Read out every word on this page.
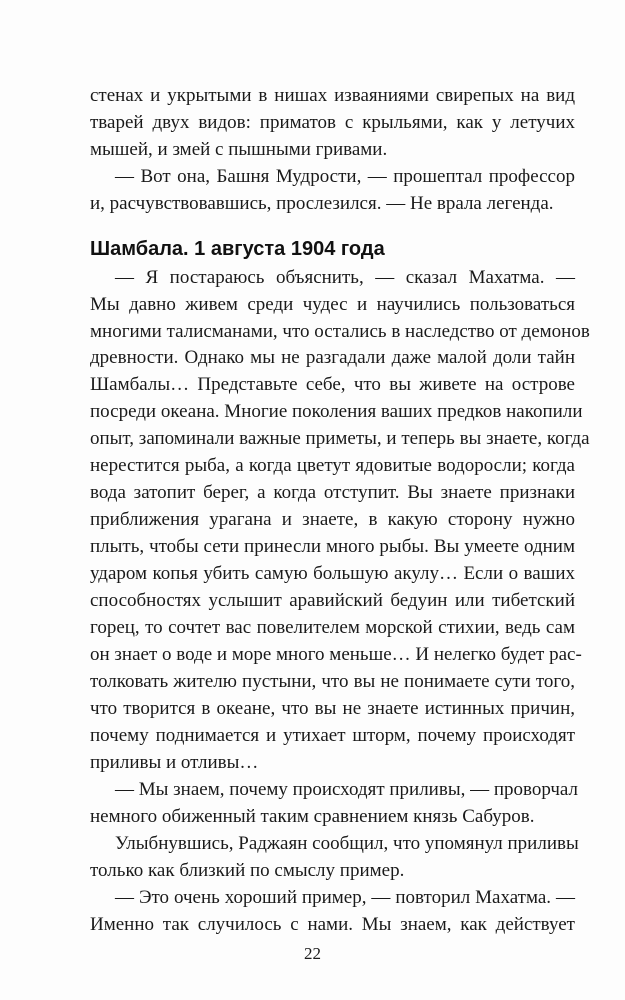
стенах и укрытыми в нишах изваяниями свирепых на вид
тварей двух видов: приматов с крыльями, как у летучих
мышей, и змей с пышными гривами.
— Вот она, Башня Мудрости, — прошептал профессор
и, расчувствовавшись, прослезился. — Не врала легенда.
Шамбала. 1 августа 1904 года
— Я постараюсь объяснить, — сказал Махатма. —
Мы давно живем среди чудес и научились пользоваться
многими талисманами, что остались в наследство от демонов
древности. Однако мы не разгадали даже малой доли тайн
Шамбалы… Представьте себе, что вы живете на острове
посреди океана. Многие поколения ваших предков накопили
опыт, запоминали важные приметы, и теперь вы знаете, когда
нерестится рыба, а когда цветут ядовитые водоросли; когда
вода затопит берег, а когда отступит. Вы знаете признаки
приближения урагана и знаете, в какую сторону нужно
плыть, чтобы сети принесли много рыбы. Вы умеете одним
ударом копья убить самую большую акулу… Если о ваших
способностях услышит аравийский бедуин или тибетский
горец, то сочтет вас повелителем морской стихии, ведь сам
он знает о воде и море много меньше… И нелегко будет рас-
толковать жителю пустыни, что вы не понимаете сути того,
что творится в океане, что вы не знаете истинных причин,
почему поднимается и утихает шторм, почему происходят
приливы и отливы…
— Мы знаем, почему происходят приливы, — проворчал
немного обиженный таким сравнением князь Сабуров.
Улыбнувшись, Раджаян сообщил, что упомянул приливы
только как близкий по смыслу пример.
— Это очень хороший пример, — повторил Махатма. —
Именно так случилось с нами. Мы знаем, как действует
22
